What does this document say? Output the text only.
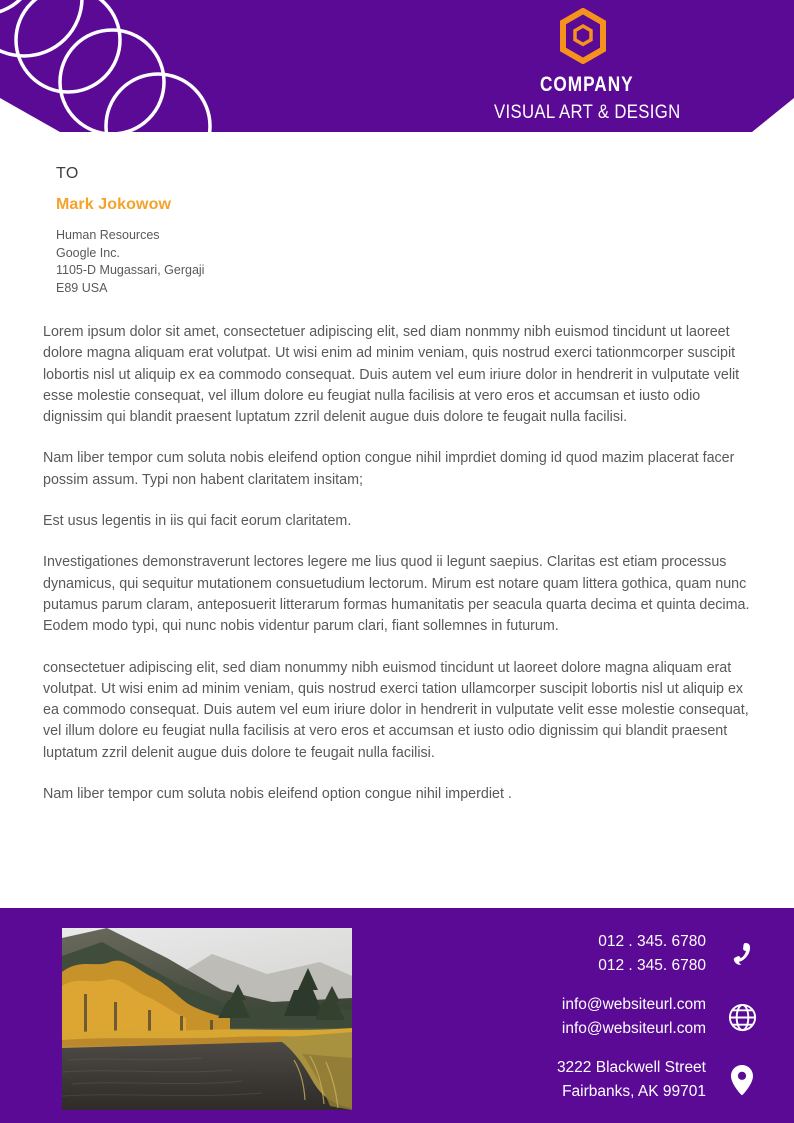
COMPANY
VISUAL ART & DESIGN
TO
Mark Jokowow
Human Resources
Google Inc.
1105-D Mugassari, Gergaji
E89 USA

Lorem ipsum dolor sit amet, consectetuer adipiscing elit, sed diam nonmmy nibh euismod tincidunt ut laoreet dolore magna aliquam erat volutpat. Ut wisi enim ad minim veniam, quis nostrud exerci tationmcorper suscipit lobortis nisl ut aliquip ex ea commodo consequat. Duis autem vel eum iriure dolor in hendrerit in vulputate velit esse molestie consequat, vel illum dolore eu feugiat nulla facilisis at vero eros et accumsan et iusto odio dignissim qui blandit praesent luptatum zzril delenit augue duis dolore te feugait nulla facilisi.

Nam liber tempor cum soluta nobis eleifend option congue nihil imprdiet doming id quod mazim placerat facer possim assum. Typi non habent claritatem insitam;

Est usus legentis in iis qui facit eorum claritatem.

Investigationes demonstraverunt lectores legere me lius quod ii legunt saepius. Claritas est etiam processus dynamicus, qui sequitur mutationem consuetudium lectorum. Mirum est notare quam littera gothica, quam nunc putamus parum claram, anteposuerit litterarum formas humanitatis per seacula quarta decima et quinta decima. Eodem modo typi, qui nunc nobis videntur parum clari, fiant sollemnes in futurum.

consectetuer adipiscing elit, sed diam nonummy nibh euismod tincidunt ut laoreet dolore magna aliquam erat volutpat. Ut wisi enim ad minim veniam, quis nostrud exerci tation ullamcorper suscipit lobortis nisl ut aliquip ex ea commodo consequat. Duis autem vel eum iriure dolor in hendrerit in vulputate velit esse molestie consequat, vel illum dolore eu feugiat nulla facilisis at vero eros et accumsan et iusto odio dignissim qui blandit praesent luptatum zzril delenit augue duis dolore te feugait nulla facilisi.

Nam liber tempor cum soluta nobis eleifend option congue nihil imperdiet .

012 . 345. 6780
012 . 345. 6780
info@websiteurl.com
info@websiteurl.com
3222 Blackwell Street
Fairbanks, AK 99701
